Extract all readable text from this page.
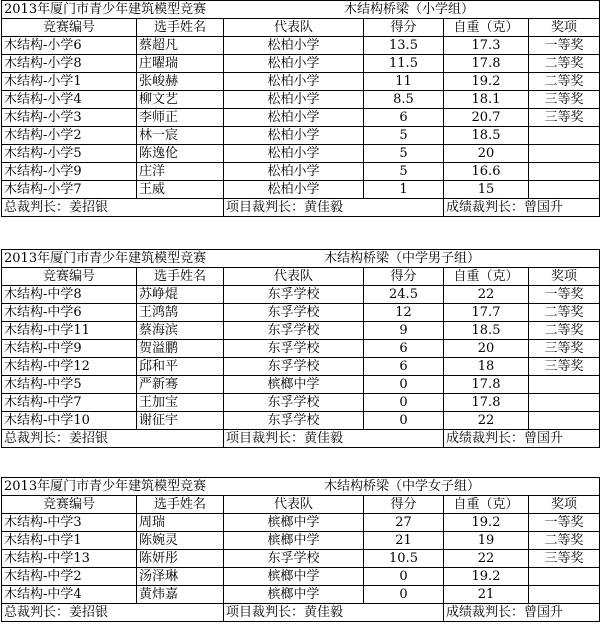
2013年厦门市青少年建筑模型竞赛 木结构桥梁（小学组）					
竞赛编号	选手姓名	代表队	得分	自重（克）	奖项
木结构-小学6	蔡超凡	松柏小学	13.5	17.3	一等奖
木结构-小学8	庄曜瑞	松柏小学	11.5	17.8	二等奖
木结构-小学1	张峻赫	松柏小学	11	19.2	二等奖
木结构-小学4	柳文艺	松柏小学	8.5	18.1	三等奖
木结构-小学3	李师正	松柏小学	6	20.7	三等奖
木结构-小学2	林一宸	松柏小学	5	18.5	
木结构-小学5	陈逸伦	松柏小学	5	20	
木结构-小学9	庄洋	松柏小学	5	16.6	
木结构-小学7	王威	松柏小学	1	15	
总裁判长：姜招银		项目裁判长：黄佳毅		成绩裁判长：曾国升	
2013年厦门市青少年建筑模型竞赛 木结构桥梁（中学男子组）					
竞赛编号	选手姓名	代表队	得分	自重（克）	奖项
木结构-中学8	苏峥焜	东孚学校	24.5	22	一等奖
木结构-中学6	王鸿鹄	东孚学校	12	17.7	二等奖
木结构-中学11	蔡海滨	东孚学校	9	18.5	二等奖
木结构-中学9	贺溢鹏	东孚学校	6	20	三等奖
木结构-中学12	邱和平	东孚学校	6	18	三等奖
木结构-中学5	严新骞	槟榔中学	0	17.8	
木结构-中学7	王加宝	东孚学校	0	17.8	
木结构-中学10	谢征宇	东孚学校	0	22	
总裁判长：姜招银		项目裁判长：黄佳毅		成绩裁判长：曾国升	
2013年厦门市青少年建筑模型竞赛 木结构桥梁（中学女子组）					
竞赛编号	选手姓名	代表队	得分	自重（克）	奖项
木结构-中学3	周瑞	槟榔中学	27	19.2	一等奖
木结构-中学1	陈婉灵	槟榔中学	21	19	二等奖
木结构-中学13	陈妍彤	东孚学校	10.5	22	三等奖
木结构-中学2	汤泽琳	槟榔中学	0	19.2	
木结构-中学4	黄炜嘉	槟榔中学	0	21	
总裁判长：姜招银		项目裁判长：黄佳毅		成绩裁判长：曾国升	
